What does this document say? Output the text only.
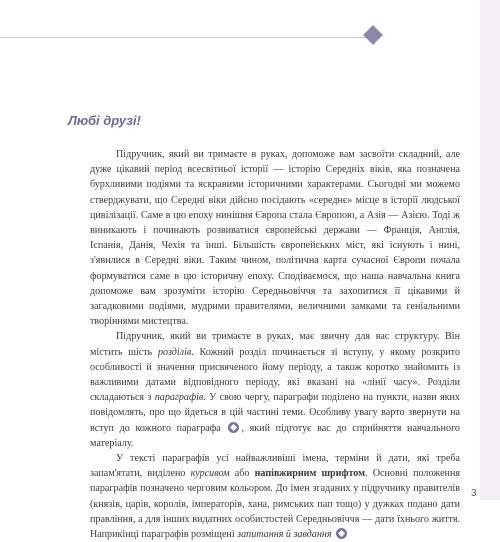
Любі друзі!

Підручник, який ви тримаєте в руках, допоможе вам засвоїти складний, але дуже цікавий період всесвітньої історії — історію Середніх віків, яка позначена бурхливими подіями та яскравими історичними характерами. Сьогодні ми можемо стверджувати, що Середні віки дійсно посідають «середнє» місце в історії людської цивілізації. Саме в цю епоху нинішня Європа стала Європою, а Азія — Азією. Тоді ж виникають і починають розвиватися європейські держави — Франція, Англія, Іспанія, Данія, Чехія та інші. Більшість європейських міст, які існують і нині, з'явилися в Середні віки. Таким чином, політична карта сучасної Європи почала формуватися саме в цю історичну епоху. Сподіваємося, що наша навчальна книга допоможе вам зрозуміти історію Середньовіччя та захопитися її цікавими й загадковими подіями, мудрими правителями, величними замками та геніальними творіннями мистецтва.

Підручник, який ви тримаєте в руках, має звичну для вас структуру. Він містить шість розділів. Кожний розділ починається зі вступу, у якому розкрито особливості й значення присвяченого йому періоду, а також коротко знайомить із важливими датами відповідного періоду, які вказані на «лінії часу». Розділи складаються з параграфів. У свою чергу, параграфи поділено на пункти, назви яких повідомлять, про що йдеться в цій частині теми. Особливу увагу варто звернути на вступ до кожного параграфа , який підготує вас до сприйняття навчального матеріалу.

У тексті параграфів усі найважливіші імена, терміни й дати, які треба запам'ятати, виділено курсивом або напівжирним шрифтом. Основні положення параграфів позначено черговим кольором. До імен згаданих у підручнику правителів (князів, царів, королів, імператорів, хана, римських пап тощо) у дужках подано дати правління, а для інших видатних особистостей Середньовіччя — дати їхнього життя. Наприкінці параграфів розміщені запитання й завдання

3
